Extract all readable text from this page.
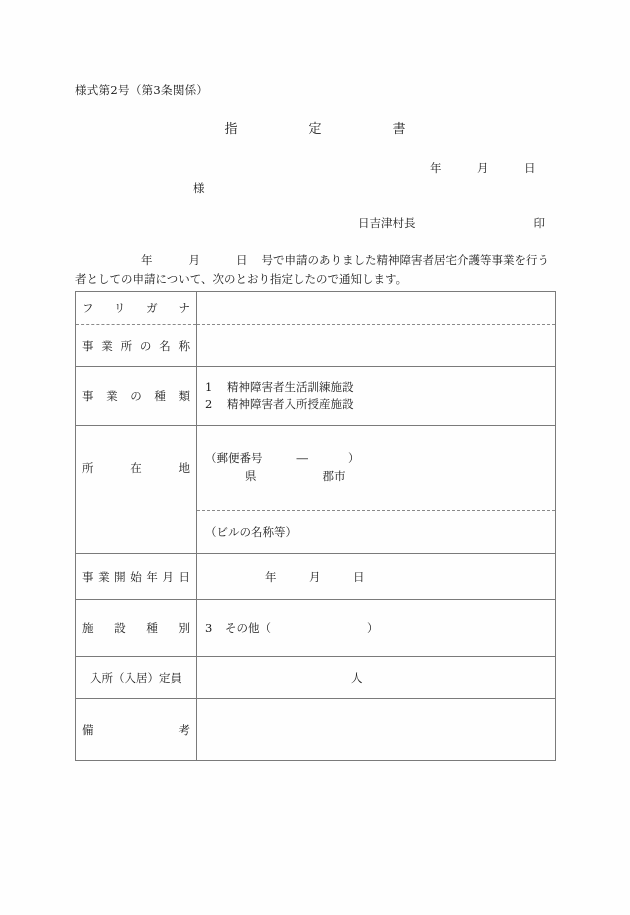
様式第2号（第3条関係）
指	定	書
年	月	日
様
日吉津村長	印
年	月	日 号で申請のありました精神障害者居宅介護等事業を行う者としての申請について、次のとおり指定したので通知します。
フリガナ	

事業所の名称	

事業の種類	1 精神障害者生活訓練施設
2 精神障害者入所授産施設

所在地	（郵便番号 ― ）
県 郡市

	（ビルの名称等）

事業開始年月日	年 月 日

施設種別	3 その他（ ）

入所（入居）定員	人

備考	
